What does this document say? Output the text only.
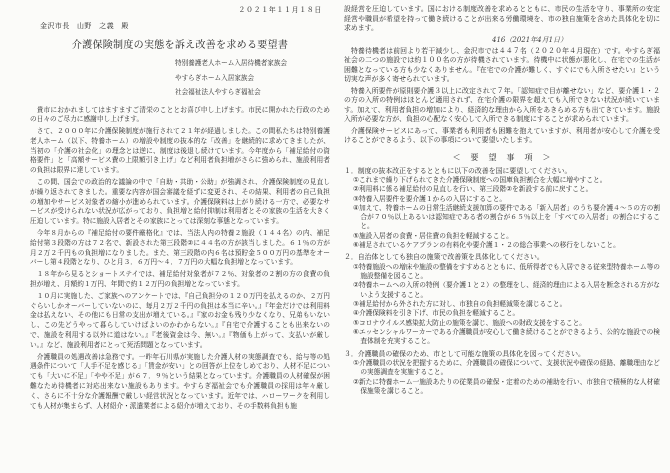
２０２１年１１月１８日
金沢市長　山野　之義　殿
介護保険制度の実態を訴え改善を求める要望書
特別養護老人ホーム入居待機者家族会
やすらぎホーム入居家族会
社会福祉法人やすらぎ福祉会

貴市におかれましてはますますご清栄のこととお喜び申し上げます。市民に開かれた行政のための日々のご尽力に感謝申し上げます。

さて、２０００年に介護保険制度が施行されて２１年が経過しました。この間私たちは特別養護老人ホーム（以下、特養ホーム）の増設や制度の抜本的な「改善」を継続的に求めてきましたが、当初の「介護の社会化」の理念とは逆に、制度は後退し続けています。今年度から「補足給付の資格要件」と「高額サービス費の上限額引き上げ」など利用者負担増がさらに強められ、施設利用者の負担は限界に達しています。

この間、国会での政治的な議論の中で「自助・共助・公助」が強調され、介護保険制度の見直しが繰り返されてきました。重要な内容が国会審議を経ずに変更され、その結果、利用者の自己負担の増加やサービス対象者の縮小が進められています。介護保険料は上がり続ける一方で、必要なサービスが受けられない状況が広がっており、負担増と給付抑制は利用者とその家族の生活を大きく圧迫しています。特に施設入居者とその家族にとっては深刻な事態となっています。

今年８月からの『補足給付の要件厳格化』では、当法人内の特養２施設（１４４名）の内、補足給付第３段階の方は７２名で、新設された第三段階②に４４名の方が該当しました。６１％の方が月２万２千円もの負担増になりました。また、第三段階の内６名は預貯金５００万円の基準をオーバーし第４段階となり、ひと月３．６万円～４．７万円の大幅な負担増となっています。

１８年から見るとショートステイでは、補足給付対象者が７２％、対象者の２割の方の食費の負担が増え、月額約１万円、年間で約１２万円の負担増となっています。

１０月に実施した、ご家族へのアンケートでは、『自己負担分の１２０万円を払えるのか、２万円ぐらいしかオーバーしていないのに、毎月２万２千円の負担は本当に辛い。』『年金だけでは利用料金は払えない、その他にも日常の支出が増えている。』『家のお金も残り少なくなり、兄弟もいないし、この先どうやって暮らしていけばよいのかわからない。』『自宅で介護することも出来ないので、施設を利用する以外に道はない。』『老後資金は今、無い。』『物価も上がって、支払いが厳しい。』など、施設利用者にとって死活問題となっています。

介護職員の処遇改善は急務です。一昨年石川県が実施した介護人材の実態調査でも、給与等の処遇条件について「人手不足を感じる」「賃金が安い」との回答が上位をしめており、人材不足についても「大いに不足」「やや不足」が６７．９％という結果となっています。介護職員の人材確保が困難なため待機者に対応出来ない施設もあります。やすらぎ福祉会でも介護職員の採用は年々厳しく、さらに不十分な介護報酬で厳しい経営状況となっています。近年では、ハローワークを利用しても人材が集まらず、人材紹介・派遣業者による紹介が増えており、その手数料負担も施

設経営を圧迫しています。国における制度改善を求めるとともに、市民の生活を守り、事業所の安定経営や職員が希望を持って働き続けることが出来る労働環境を、市の独自施策を含めた具体化を切に求めます。

416（2021年4月1日）

特養待機者は前回より若干減少し、金沢市では４４７名（２０２０年４月現在）です。やすらぎ福祉会の二つの施設では約１００名の方が待機されています。待機中に状態が悪化し、在宅での生活が困難となっている方も少なくありません。『在宅での介護が難しく、すぐにでも入所させたい』という切実な声が多く寄せられています。

特養入所要件が原則要介護３以上に改定されて７年。「認知症で目が離せない」など、要介護１・２の方の入所の特例はほとんど適用されず、在宅介護の限界を超えても入所できない状況が続いています。加えて、利用者負担の増加により、経済的な理由から入所をあきらめる方も出てきています。施設入所が必要な方が、負担の心配なく安心して入所できる制度にすることが求められています。

介護保険サービスにあって、事業者も利用者も困難を抱えていますが、利用者が安心して介護を受けることができるよう、以下の事項について要望いたします。

＜　要　望　事　項　＞
１．制度の抜本改正をするとともに以下の改善を国に要望してください。
①これまで繰り下げられてきた介護保険制度への国庫負担割合を大幅に増やすこと。
②利用料に係る補足給付の見直しを行い、第三段階②を新設する前に戻すこと。
③特養入居要件を要介護１からの入居にすること。
④加えて、特養ホームの日常生活継続支援加算の要件である「新入居者」のうち要介護４～５の方の割合が７０％以上あるいは認知症である者の割合が６５％以上を「すべての入居者」の割合にすること。
⑤施設入居者の食費・居住費の負担を軽減すること。
⑥補足されているケアプランの有料化や要介護１・２の総合事業への移行をしないこと。
２．自治体としても独自の施策で改善策を具体化してください。
①特養施設への増床や施設の整備をすすめるとともに、低所得者でも入居できる従来型特養ホーム等の施設整備を図ること。
②特養ホームへの入所の特例（要介護１と２）の整理をし、経済的理由による入居を断念される方がないよう支援すること。
③補足給付から外された方に対し、市独自の負担軽減策を講じること。
④介護保険料を引き下げ、市民の負担を軽減すること。
⑤コロナウイルス感染拡大防止の施策を講じ、施設への財政支援をすること。
⑥エッセンシャルワーカーである介護職員が安心して働き続けることができるよう、公的な施設での検査体制を充実すること。
３．介護職員の確保のため、市として可能な施策の具体化を図ってください。
①介護職員の状況を把握するために、介護職員の確保について、支援状況や確保の経路、離職理由などの実態調査を実施すること。
②新たに特養ホーム一施設あたりの従業員の確保・定着のための補助を行い、市独自で積極的な人材確保施策を講じること。
